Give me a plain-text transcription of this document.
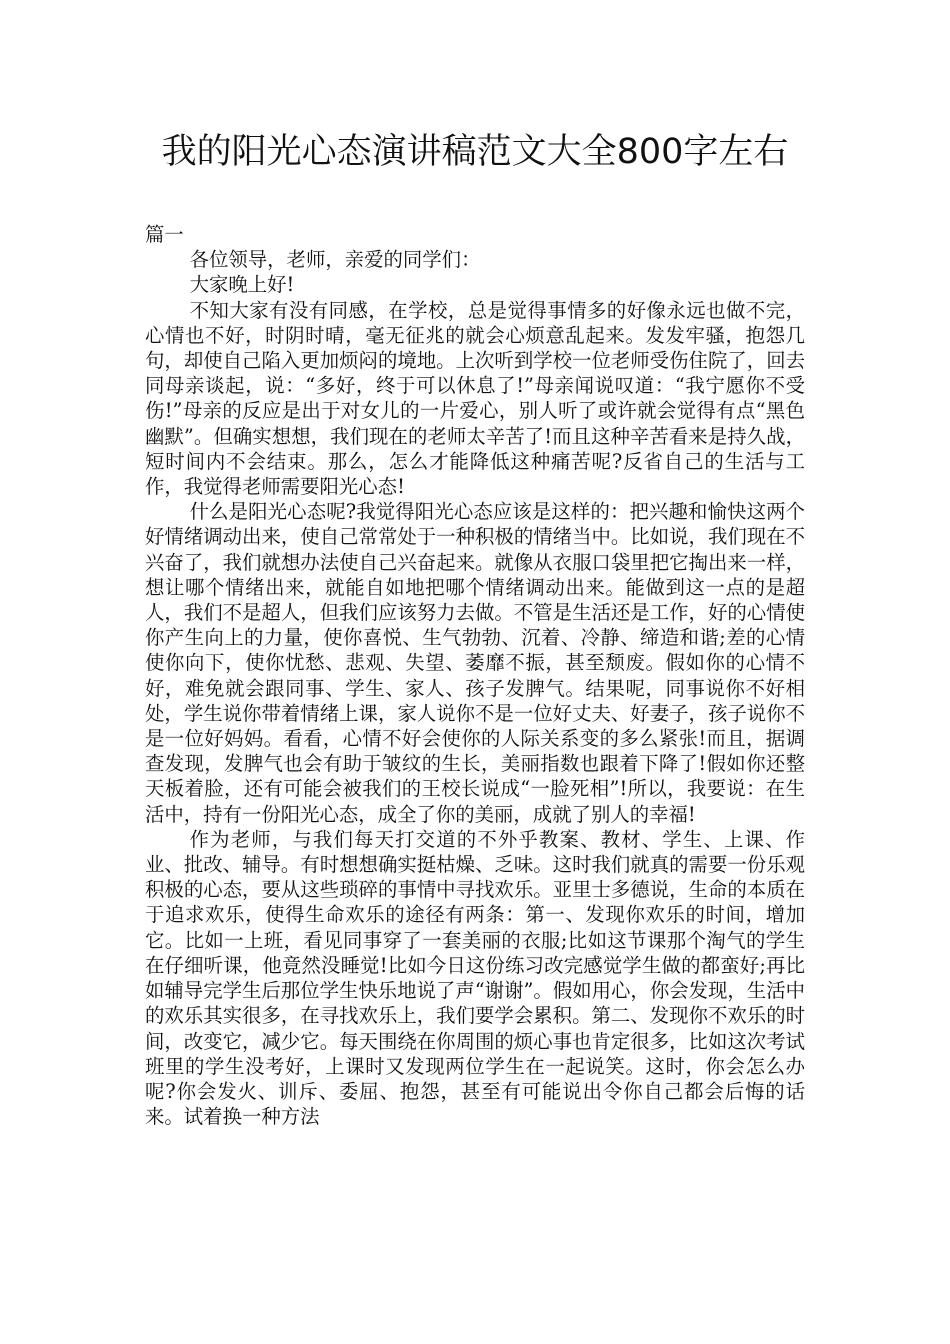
我的阳光心态演讲稿范文大全800字左右

篇一

各位领导，老师，亲爱的同学们：

大家晚上好!

不知大家有没有同感，在学校，总是觉得事情多的好像永远也做不完，心情也不好，时阴时晴，毫无征兆的就会心烦意乱起来。发发牢骚，抱怨几句，却使自己陷入更加烦闷的境地。上次听到学校一位老师受伤住院了，回去同母亲谈起，说：“多好，终于可以休息了!”母亲闻说叹道：“我宁愿你不受伤!”母亲的反应是出于对女儿的一片爱心，别人听了或许就会觉得有点“黑色幽默”。但确实想想，我们现在的老师太辛苦了!而且这种辛苦看来是持久战，短时间内不会结束。那么，怎么才能降低这种痛苦呢?反省自己的生活与工作，我觉得老师需要阳光心态!

什么是阳光心态呢?我觉得阳光心态应该是这样的：把兴趣和愉快这两个好情绪调动出来，使自己常常处于一种积极的情绪当中。比如说，我们现在不兴奋了，我们就想办法使自己兴奋起来。就像从衣服口袋里把它掏出来一样，想让哪个情绪出来，就能自如地把哪个情绪调动出来。能做到这一点的是超人，我们不是超人，但我们应该努力去做。不管是生活还是工作，好的心情使你产生向上的力量，使你喜悦、生气勃勃、沉着、冷静、缔造和谐;差的心情使你向下，使你忧愁、悲观、失望、萎靡不振，甚至颓废。假如你的心情不好，难免就会跟同事、学生、家人、孩子发脾气。结果呢，同事说你不好相处，学生说你带着情绪上课，家人说你不是一位好丈夫、好妻子，孩子说你不是一位好妈妈。看看，心情不好会使你的人际关系变的多么紧张!而且，据调查发现，发脾气也会有助于皱纹的生长，美丽指数也跟着下降了!假如你还整天板着脸，还有可能会被我们的王校长说成“一脸死相”!所以，我要说：在生活中，持有一份阳光心态，成全了你的美丽，成就了别人的幸福!

作为老师，与我们每天打交道的不外乎教案、教材、学生、上课、作业、批改、辅导。有时想想确实挺枯燥、乏味。这时我们就真的需要一份乐观积极的心态，要从这些琐碎的事情中寻找欢乐。亚里士多德说，生命的本质在于追求欢乐，使得生命欢乐的途径有两条：第一、发现你欢乐的时间，增加它。比如一上班，看见同事穿了一套美丽的衣服;比如这节课那个淘气的学生在仔细听课，他竟然没睡觉!比如今日这份练习改完感觉学生做的都蛮好;再比如辅导完学生后那位学生快乐地说了声“谢谢”。假如用心，你会发现，生活中的欢乐其实很多，在寻找欢乐上，我们要学会累积。第二、发现你不欢乐的时间，改变它，减少它。每天围绕在你周围的烦心事也肯定很多，比如这次考试班里的学生没考好，上课时又发现两位学生在一起说笑。这时，你会怎么办呢?你会发火、训斥、委屈、抱怨，甚至有可能说出令你自己都会后悔的话来。试着换一种方法
